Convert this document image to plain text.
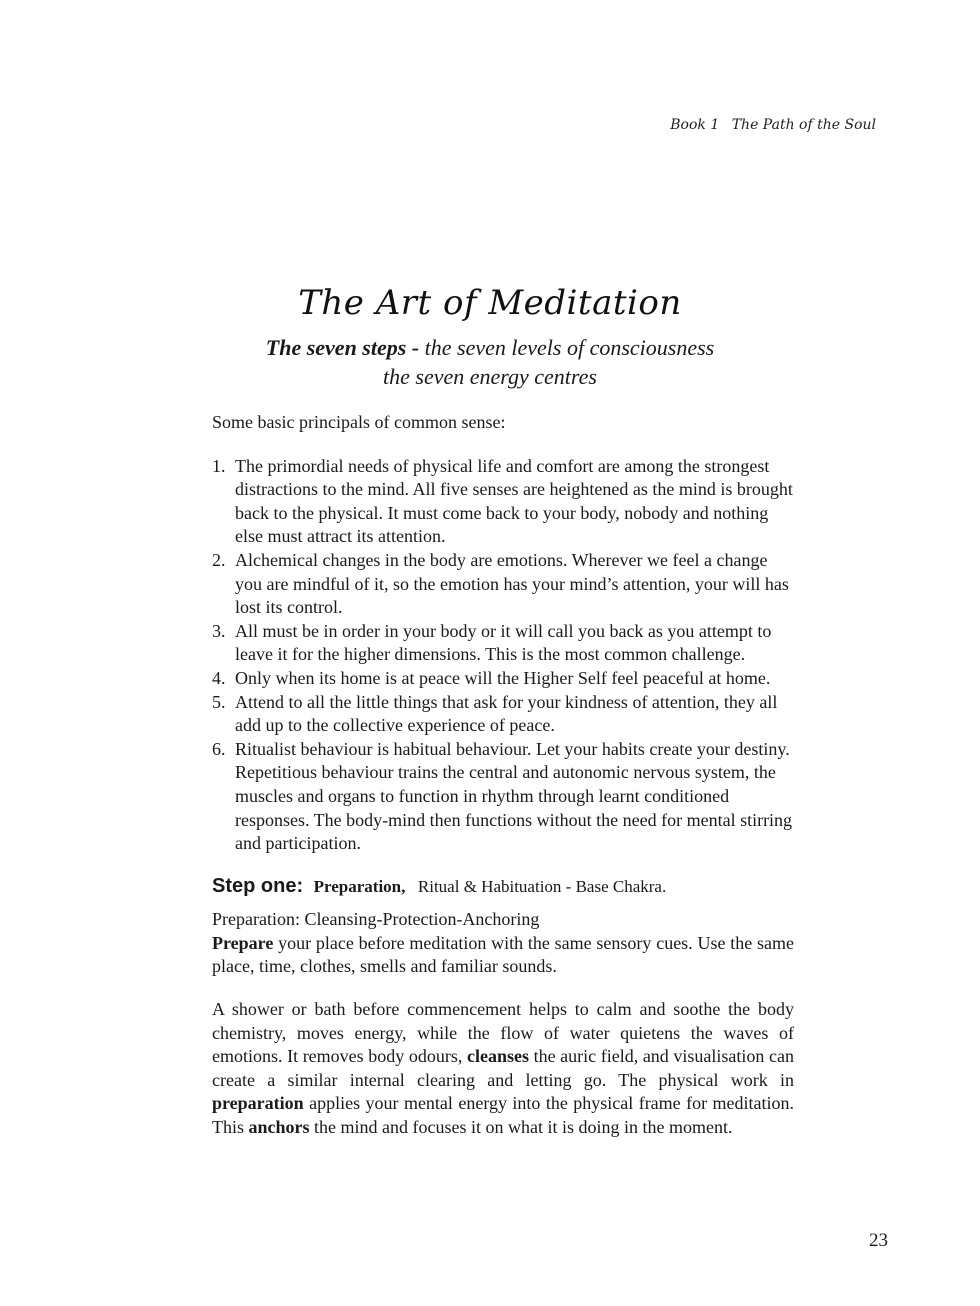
Book 1 The Path of the Soul
The Art of Meditation
The seven steps - the seven levels of consciousness
the seven energy centres

Some basic principals of common sense:

1. The primordial needs of physical life and comfort are among the strongest distractions to the mind. All five senses are heightened as the mind is brought back to the physical. It must come back to your body, nobody and nothing else must attract its attention.
2. Alchemical changes in the body are emotions. Wherever we feel a change you are mindful of it, so the emotion has your mind’s attention, your will has lost its control.
3. All must be in order in your body or it will call you back as you attempt to leave it for the higher dimensions. This is the most common challenge.
4. Only when its home is at peace will the Higher Self feel peaceful at home.
5. Attend to all the little things that ask for your kindness of attention, they all add up to the collective experience of peace.
6. Ritualist behaviour is habitual behaviour. Let your habits create your destiny. Repetitious behaviour trains the central and autonomic nervous system, the muscles and organs to function in rhythm through learnt conditioned responses. The body-mind then functions without the need for mental stirring and participation.

Step one: Preparation, Ritual & Habituation - Base Chakra.

Preparation: Cleansing-Protection-Anchoring

Prepare your place before meditation with the same sensory cues. Use the same place, time, clothes, smells and familiar sounds.

A shower or bath before commencement helps to calm and soothe the body chemistry, moves energy, while the flow of water quietens the waves of emotions. It removes body odours, cleanses the auric field, and visualisation can create a similar internal clearing and letting go. The physical work in preparation applies your mental energy into the physical frame for meditation. This anchors the mind and focuses it on what it is doing in the moment.

23
